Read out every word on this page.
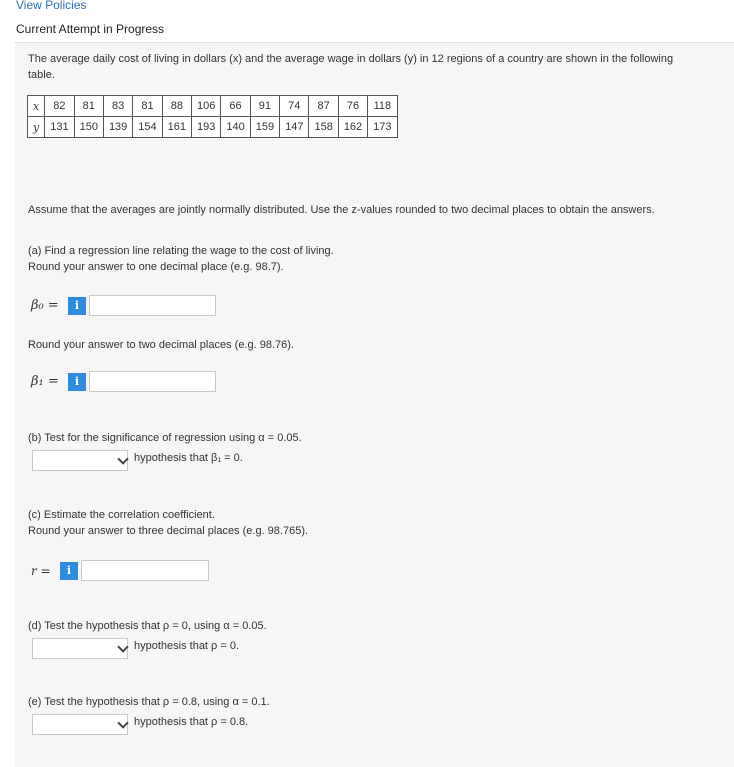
View Policies
Current Attempt in Progress
The average daily cost of living in dollars (x) and the average wage in dollars (y) in 12 regions of a country are shown in the following
table.
x	82	81	83	81	88	106	66	91	74	87	76	118
y	131	150	139	154	161	193	140	159	147	158	162	173
Assume that the averages are jointly normally distributed. Use the z-values rounded to two decimal places to obtain the answers.
(a) Find a regression line relating the wage to the cost of living.
Round your answer to one decimal place (e.g. 98.7).
β₀ =	i
Round your answer to two decimal places (e.g. 98.76).
β₁ =	i
(b) Test for the significance of regression using α = 0.05.
hypothesis that β₁ = 0.
(c) Estimate the correlation coefficient.
Round your answer to three decimal places (e.g. 98.765).
r =	i
(d) Test the hypothesis that ρ = 0, using α = 0.05.
hypothesis that ρ = 0.
(e) Test the hypothesis that ρ = 0.8, using α = 0.1.
hypothesis that ρ = 0.8.
